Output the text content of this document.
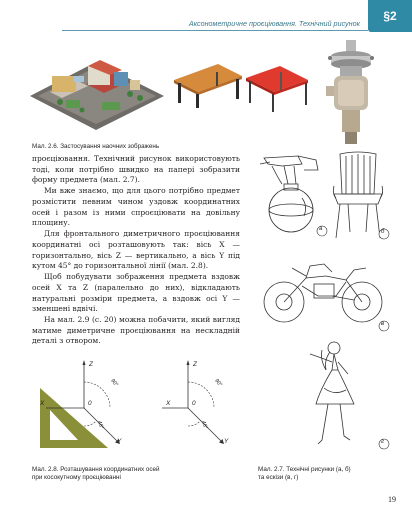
Аксонометричне проєціювання. Технічний рисунок
§2
Мал. 2.6. Застосування наочних зображень

проєціювання. Технічний рисунок використовують тоді, коли потрібно швидко на папері зобразити форму предмета (мал. 2.7).

Ми вже знаємо, що для цього потрібно предмет розмістити певним чином уздовж координатних осей і разом із ними спроєціювати на довільну площину.

Для фронтального диметричного проєціювання координатні осі розташовують так: вісь X — горизонтально, вісь Z — вертикально, а вісь Y під кутом 45° до горизонтальної лінії (мал. 2.8).

Щоб побудувати зображення предмета вздовж осей X та Z (паралельно до них), відкладають натуральні розміри предмета, а вздовж осі Y — зменшені вдвічі.

На мал. 2.9 (с. 20) можна побачити, який вигляд матиме диметричне проєціювання на нескладній деталі з отвором.

а	б
в
г
Мал. 2.7. Технічні рисунки (а, б)
та ескізи (в, г)
Z
X	0
Y
90°
45°
Z
X	0
Y
90°
45°
Мал. 2.8. Розташування координатних осей
при косокутному проєціюванні
19
